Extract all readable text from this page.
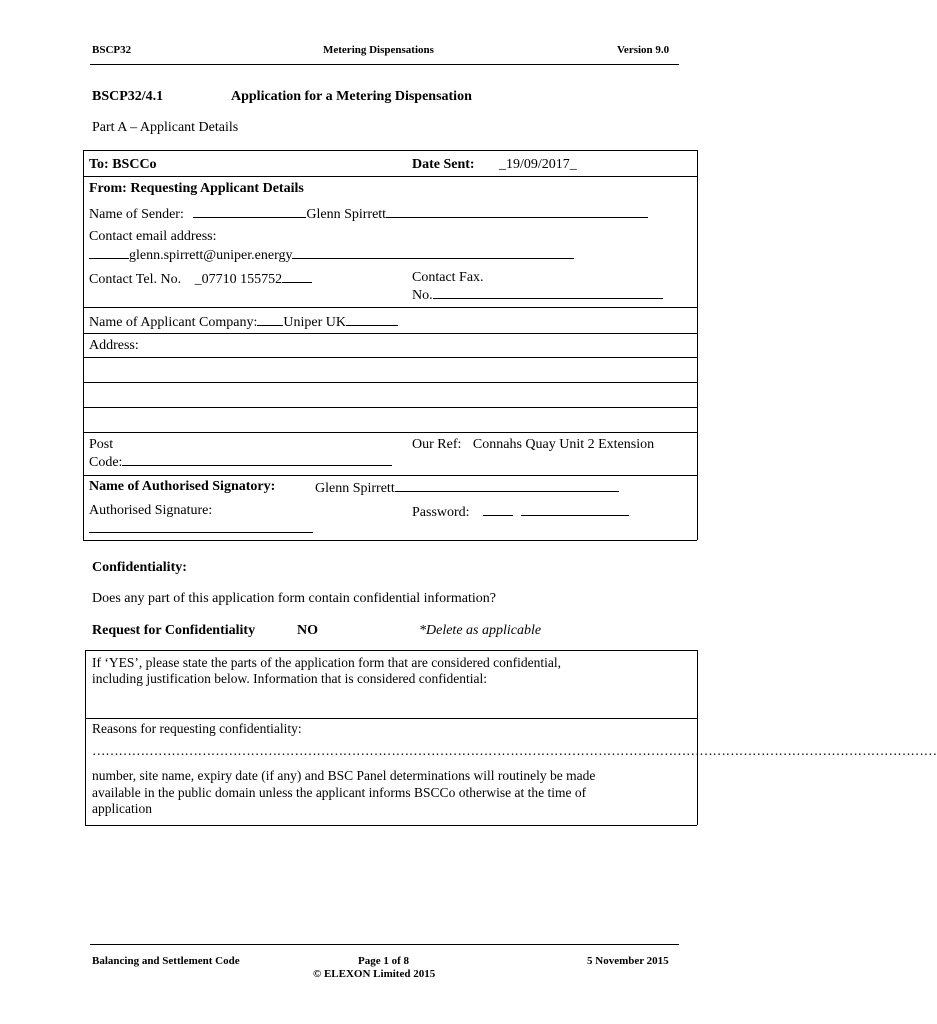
BSCP32	Metering Dispensations	Version 9.0
BSCP32/4.1	Application for a Metering Dispensation
Part A – Applicant Details
To: BSCCo	Date Sent: _19/09/2017_
From: Requesting Applicant Details
Name of Sender:	Glenn Spirrett
Contact email address:
glenn.spirrett@uniper.energy
Contact Tel. No. _07710 155752	Contact Fax.
No.
Name of Applicant Company: Uniper UK
Address:
Post
Code:
Our Ref: Connahs Quay Unit 2 Extension
Name of Authorised Signatory:	Glenn Spirrett
Authorised Signature:	Password:
Confidentiality:
Does any part of this application form contain confidential information?
Request for Confidentiality	NO	*Delete as applicable
If ‘YES’, please state the parts of the application form that are considered confidential,
including justification below. Information that is considered confidential:
Reasons for requesting confidentiality:
…………………………………………………………………………………………………………………………………………………………………………
number, site name, expiry date (if any) and BSC Panel determinations will routinely be made
available in the public domain unless the applicant informs BSCCo otherwise at the time of
application
Balancing and Settlement Code	Page 1 of 8
© ELEXON Limited 2015
5 November 2015
